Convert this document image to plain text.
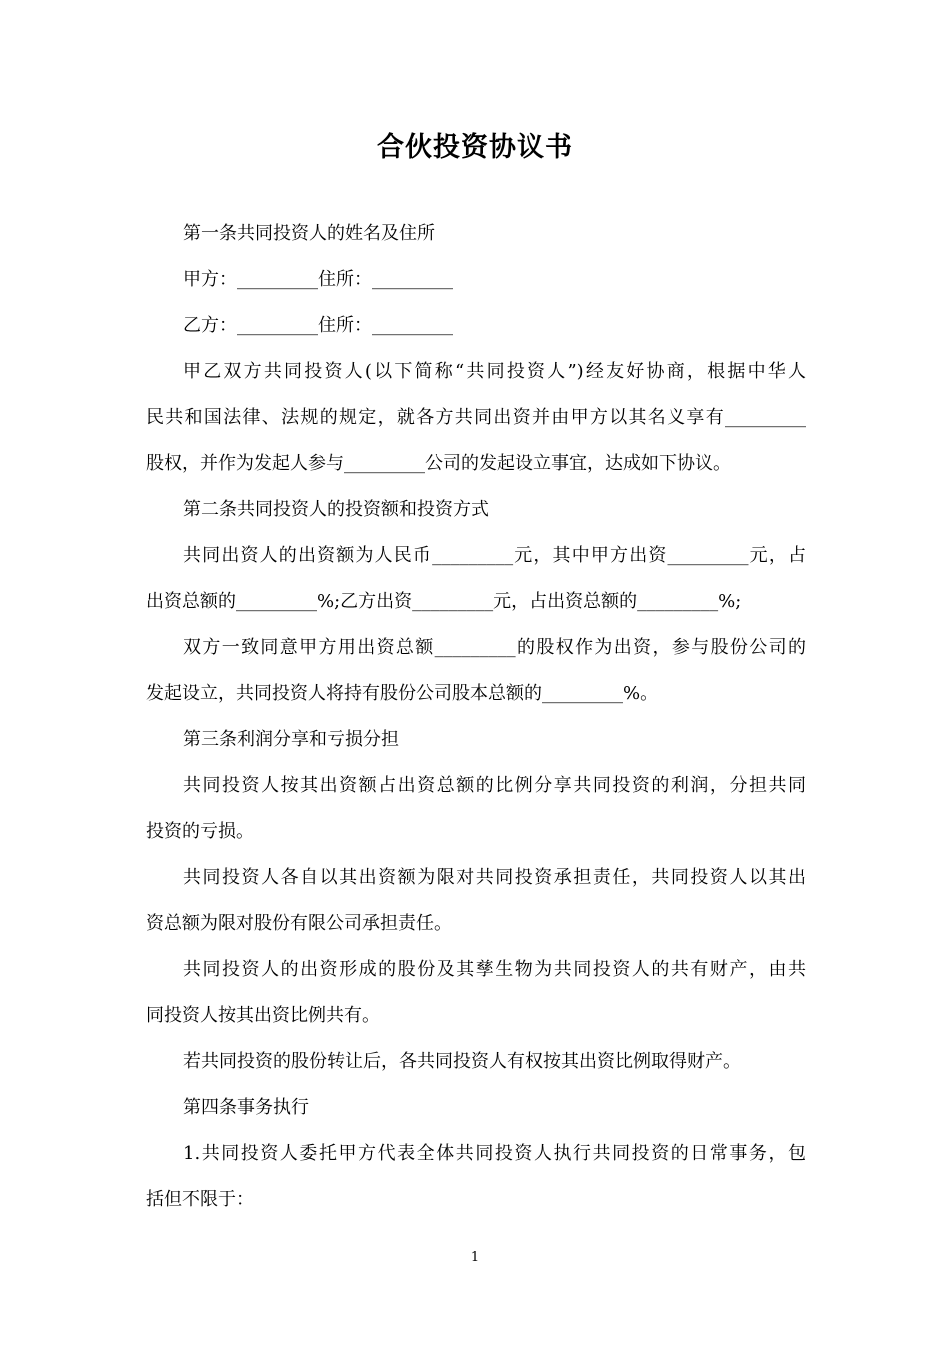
合伙投资协议书
第一条共同投资人的姓名及住所
甲方：_________住所：_________
乙方：_________住所：_________
甲乙双方共同投资人(以下简称“共同投资人”)经友好协商，根据中华人
民共和国法律、法规的规定，就各方共同出资并由甲方以其名义享有_________
股权，并作为发起人参与_________公司的发起设立事宜，达成如下协议。
第二条共同投资人的投资额和投资方式
共同出资人的出资额为人民币_________元，其中甲方出资_________元，占
出资总额的_________%;乙方出资_________元，占出资总额的_________%;
双方一致同意甲方用出资总额_________的股权作为出资，参与股份公司的
发起设立，共同投资人将持有股份公司股本总额的_________%。
第三条利润分享和亏损分担
共同投资人按其出资额占出资总额的比例分享共同投资的利润，分担共同
投资的亏损。
共同投资人各自以其出资额为限对共同投资承担责任，共同投资人以其出
资总额为限对股份有限公司承担责任。
共同投资人的出资形成的股份及其孳生物为共同投资人的共有财产，由共
同投资人按其出资比例共有。
若共同投资的股份转让后，各共同投资人有权按其出资比例取得财产。
第四条事务执行
1.共同投资人委托甲方代表全体共同投资人执行共同投资的日常事务，包
括但不限于：
1
